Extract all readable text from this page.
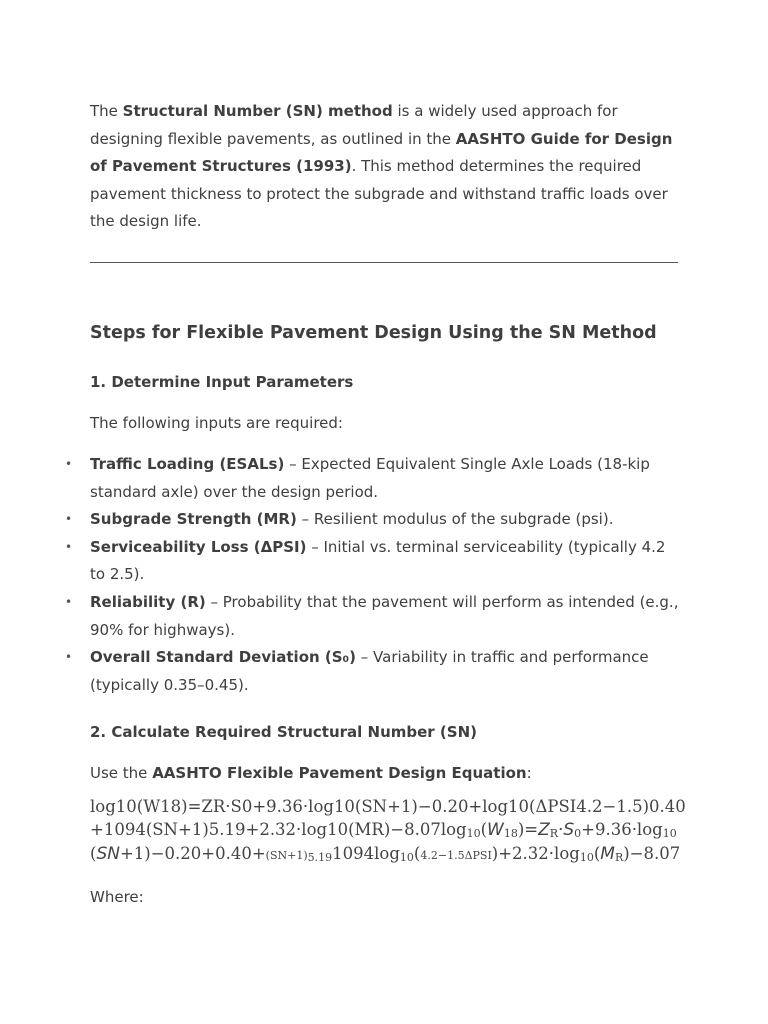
The Structural Number (SN) method is a widely used approach for designing flexible pavements, as outlined in the AASHTO Guide for Design of Pavement Structures (1993). This method determines the required pavement thickness to protect the subgrade and withstand traffic loads over the design life.

Steps for Flexible Pavement Design Using the SN Method
1. Determine Input Parameters

The following inputs are required:

• Traffic Loading (ESALs) – Expected Equivalent Single Axle Loads (18-kip standard axle) over the design period.
• Subgrade Strength (MR) – Resilient modulus of the subgrade (psi).
• Serviceability Loss (ΔPSI) – Initial vs. terminal serviceability (typically 4.2 to 2.5).
• Reliability (R) – Probability that the pavement will perform as intended (e.g., 90% for highways).
• Overall Standard Deviation (S₀) – Variability in traffic and performance (typically 0.35–0.45).
2. Calculate Required Structural Number (SN)

Use the AASHTO Flexible Pavement Design Equation:

$\log 10(W18)=ZR\cdot S0+9.36\cdot\log 10(SN+1)-0.20+\log 10(\Delta PSI4.2-1.5)0.40+1094(SN+1)5.19+2.32\cdot\log 10(MR)-8.07\log_{10}(W_{18})=Z_R\cdot S_0+9.36\cdot\log_{10}{}(SN+1)-0.20+0.40+(SN+1)_{5.19}1094\log_{10}(4.2-1.5\Delta PSI)+2.32\cdot\log_{10}(M_R)-8.07$

Where:
